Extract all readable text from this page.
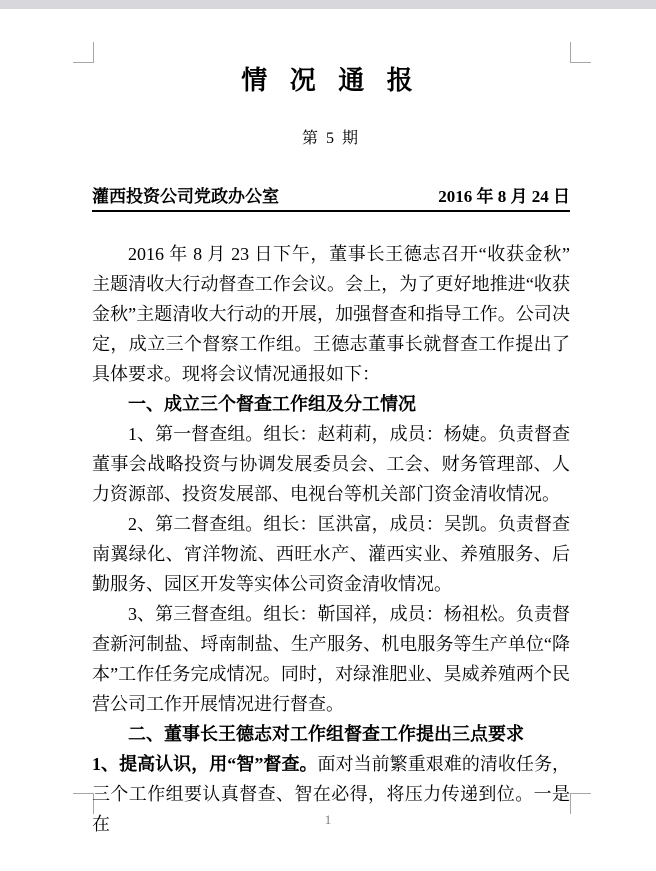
情 况 通 报
第 5 期
灌西投资公司党政办公室	2016 年 8 月 24 日

2016 年 8 月 23 日下午，董事长王德志召开“收获金秋”主题清收大行动督查工作会议。会上，为了更好地推进“收获金秋”主题清收大行动的开展，加强督查和指导工作。公司决定，成立三个督察工作组。王德志董事长就督查工作提出了具体要求。现将会议情况通报如下：

一、成立三个督查工作组及分工情况

1、第一督查组。组长：赵莉莉，成员：杨婕。负责督查董事会战略投资与协调发展委员会、工会、财务管理部、人力资源部、投资发展部、电视台等机关部门资金清收情况。

2、第二督查组。组长：匡洪富，成员：吴凯。负责督查南翼绿化、宵洋物流、西旺水产、灌西实业、养殖服务、后勤服务、园区开发等实体公司资金清收情况。

3、第三督查组。组长：靳国祥，成员：杨祖松。负责督查新河制盐、埒南制盐、生产服务、机电服务等生产单位“降本”工作任务完成情况。同时，对绿淮肥业、昊威养殖两个民营公司工作开展情况进行督查。

二、董事长王德志对工作组督查工作提出三点要求

1、提高认识，用“智”督查。面对当前繁重艰难的清收任务，三个工作组要认真督查、智在必得，将压力传递到位。一是在	1
